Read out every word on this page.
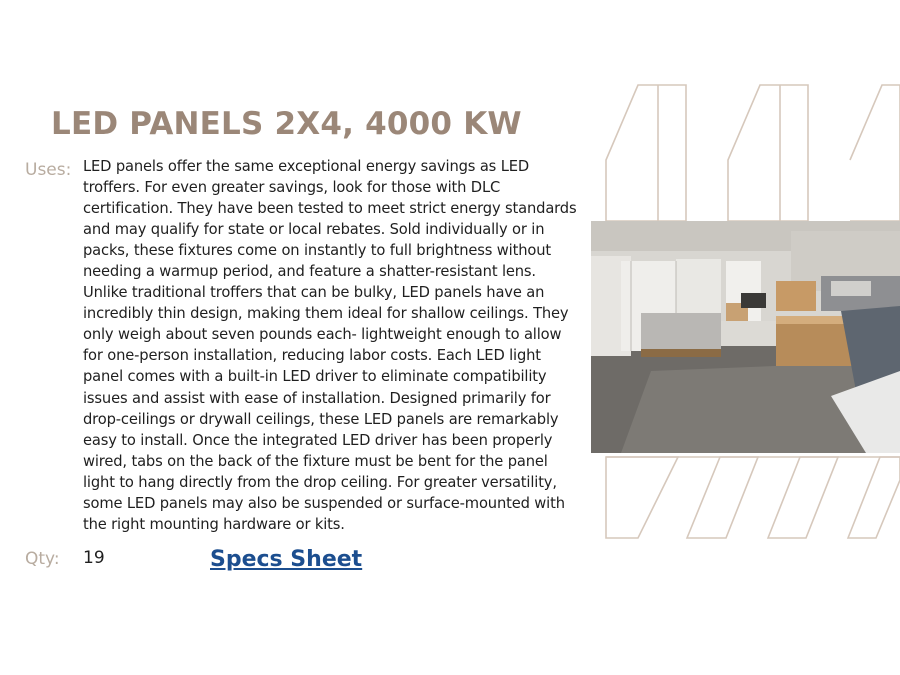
LED PANELS 2X4, 4000 KW
Uses: LED panels offer the same exceptional energy savings as LED troffers. For even greater savings, look for those with DLC certification. They have been tested to meet strict energy standards and may qualify for state or local rebates. Sold individually or in packs, these fixtures come on instantly to full brightness without needing a warmup period, and feature a shatter-resistant lens. Unlike traditional troffers that can be bulky, LED panels have an incredibly thin design, making them ideal for shallow ceilings. They only weigh about seven pounds each- lightweight enough to allow for one-person installation, reducing labor costs. Each LED light panel comes with a built-in LED driver to eliminate compatibility issues and assist with ease of installation. Designed primarily for drop-ceilings or drywall ceilings, these LED panels are remarkably easy to install. Once the integrated LED driver has been properly wired, tabs on the back of the fixture must be bent for the panel light to hang directly from the drop ceiling. For greater versatility, some LED panels may also be suspended or surface-mounted with the right mounting hardware or kits.

Qty: 19	Specs Sheet
